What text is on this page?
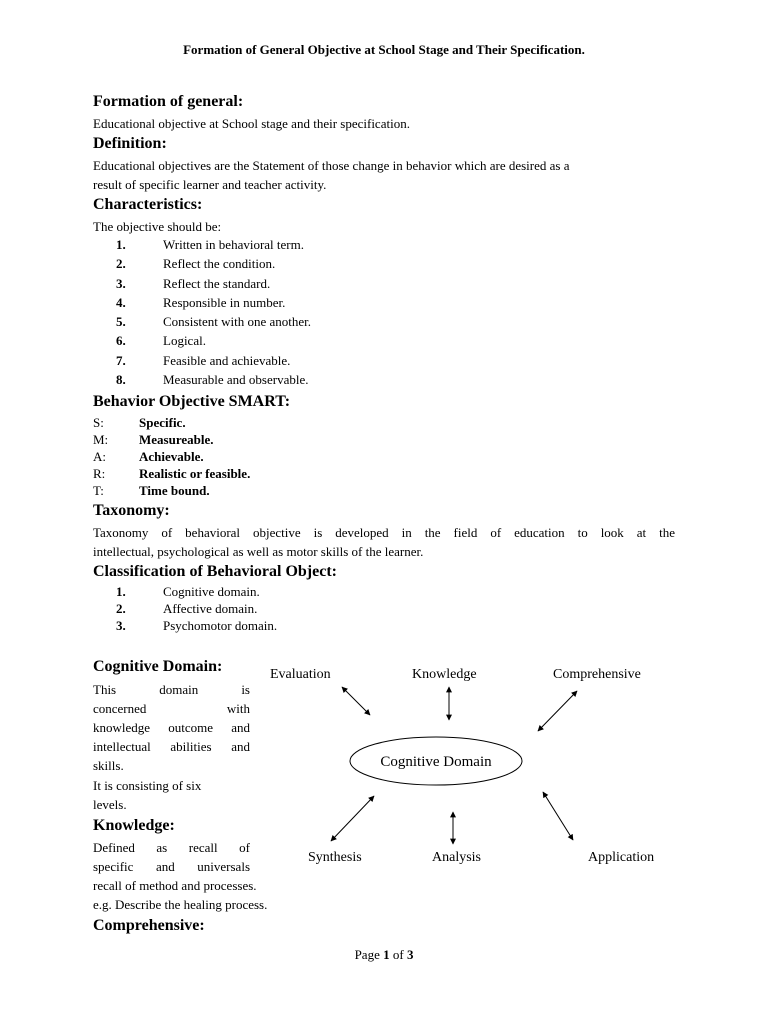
Formation of General Objective at School Stage and Their Specification.
Formation of general:
Educational objective at School stage and their specification.
Definition:
Educational objectives are the Statement of those change in behavior which are desired as a
result of specific learner and teacher activity.
Characteristics:
The objective should be:
1.	Written in behavioral term.
2.	Reflect the condition.
3.	Reflect the standard.
4.	Responsible in number.
5.	Consistent with one another.
6.	Logical.
7.	Feasible and achievable.
8.	Measurable and observable.
Behavior Objective SMART:
S:	Specific.
M: Measureable.
A:	Achievable.
R:	Realistic or feasible.
T:	Time bound.
Taxonomy:
Taxonomy of behavioral objective is developed in the field of education to look at the
intellectual, psychological as well as motor skills of the learner.
Classification of Behavioral Object:
1.	Cognitive domain.
2.	Affective domain.
3.	Psychomotor domain.
Cognitive Domain:
This domain is
concerned with
knowledge outcome and
intellectual abilities and
skills.
It is consisting of six
levels.
Knowledge:
Defined as recall of
specific and universals
recall of method and processes.
e.g. Describe the healing process.
Comprehensive:
Evaluation	Knowledge	Comprehensive
Cognitive Domain
Synthesis	Analysis	Application
Page 1 of 3
